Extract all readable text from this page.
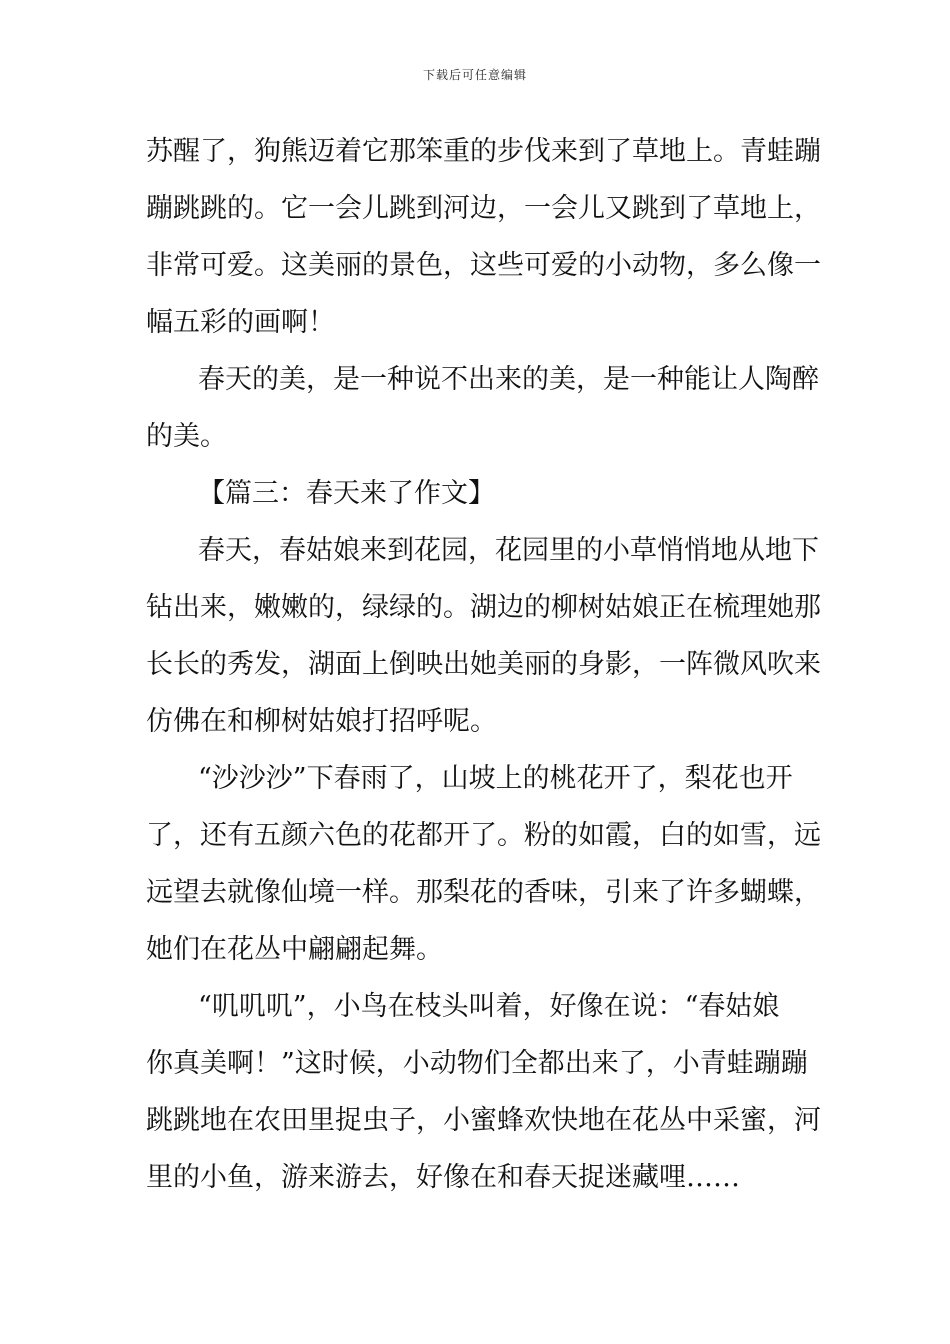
下载后可任意编辑
苏醒了，狗熊迈着它那笨重的步伐来到了草地上。青蛙蹦
蹦跳跳的。它一会儿跳到河边，一会儿又跳到了草地上，
非常可爱。这美丽的景色，这些可爱的小动物，多么像一
幅五彩的画啊！
春天的美，是一种说不出来的美，是一种能让人陶醉
的美。
【篇三：春天来了作文】
春天，春姑娘来到花园，花园里的小草悄悄地从地下
钻出来，嫩嫩的，绿绿的。湖边的柳树姑娘正在梳理她那
长长的秀发，湖面上倒映出她美丽的身影，一阵微风吹来
仿佛在和柳树姑娘打招呼呢。
“沙沙沙”下春雨了，山坡上的桃花开了，梨花也开
了，还有五颜六色的花都开了。粉的如霞，白的如雪，远
远望去就像仙境一样。那梨花的香味，引来了许多蝴蝶，
她们在花丛中翩翩起舞。
“叽叽叽”，小鸟在枝头叫着，好像在说：“春姑娘
你真美啊！”这时候，小动物们全都出来了，小青蛙蹦蹦
跳跳地在农田里捉虫子，小蜜蜂欢快地在花丛中采蜜，河
里的小鱼，游来游去，好像在和春天捉迷藏哩……
